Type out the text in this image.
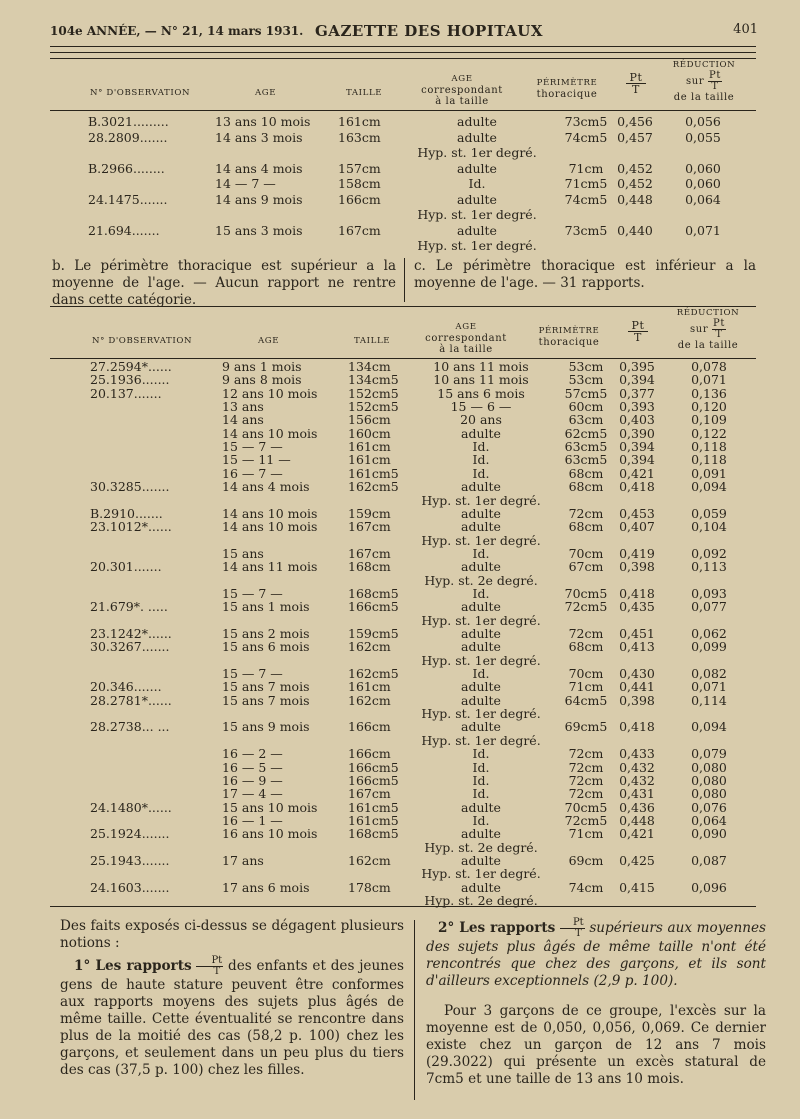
104e ANNÉE, — N° 21, 14 mars 1931. GAZETTE DES HOPITAUX	401
N° D'OBSERVATION	AGE	TAILLE
AGE
correspondant
à la taille
PÉRIMÈTRE
thoracique	$\frac{Pt}{T}$
RÉDUCTION
sur $\frac{Pt}{T}$
de la taille
B.3021.........	13 ans 10 mois 161cm	adulte	73cm5 0,456	0,056
28.2809.......	14 ans 3 mois	163cm	adulte	74cm5 0,457	0,055
Hyp. st. 1er degré.
B.2966........	14 ans 4 mois	157cm	adulte	71cm	0,452	0,060
14 — 7 —	158cm	Id.	71cm5 0,452	0,060
24.1475.......	14 ans 9 mois	166cm	adulte	74cm5 0,448	0,064
Hyp. st. 1er degré.
21.694.......	15 ans 3 mois	167cm	adulte	73cm5 0,440	0,071
Hyp. st. 1er degré.
b. Le périmètre thoracique est supérieur a la moyenne de l'age. — Aucun rapport ne rentre dans cette catégorie.
c. Le périmètre thoracique est inférieur a la moyenne de l'age. — 31 rapports.
N° D'OBSERVATION	AGE	TAILLE
AGE
correspondant
à la taille
PÉRIMÈTRE
thoracique	$\frac{Pt}{T}$
RÉDUCTION
sur $\frac{Pt}{T}$
de la taille
27.2594*......	9 ans 1 mois	134cm	10 ans 11 mois	53cm	0,395	0,078
25.1936.......	9 ans 8 mois	134cm5	10 ans 11 mois	53cm	0,394	0,071
20.137.......	12 ans 10 mois 152cm5	15 ans 6 mois	57cm5 0,377	0,136
13 ans	152cm5	15 — 6 —	60cm	0,393	0,120
14 ans	156cm	20 ans	63cm	0,403	0,109
14 ans 10 mois 160cm	adulte	62cm5 0,390	0,122
15 — 7 —	161cm	Id.	63cm5 0,394	0,118
15 — 11 —	161cm	Id.	63cm5 0,394	0,118
16 — 7 —	161cm5	Id.	68cm	0,421	0,091
30.3285.......	14 ans 4 mois	162cm5	adulte	68cm	0,418	0,094
Hyp. st. 1er degré.
B.2910.......	14 ans 10 mois 159cm	adulte	72cm	0,453	0,059
23.1012*......	14 ans 10 mois 167cm	adulte	68cm	0,407	0,104
Hyp. st. 1er degré.
15 ans	167cm	Id.	70cm	0,419	0,092
20.301.......	14 ans 11 mois 168cm	adulte	67cm	0,398	0,113
Hyp. st. 2e degré.
15 — 7 —	168cm5	Id.	70cm5 0,418	0,093
21.679*. .....	15 ans 1 mois	166cm5	adulte	72cm5 0,435	0,077
Hyp. st. 1er degré.
23.1242*......	15 ans 2 mois	159cm5	adulte	72cm	0,451	0,062
30.3267.......	15 ans 6 mois	162cm	adulte	68cm	0,413	0,099
Hyp. st. 1er degré.
15 — 7 —	162cm5	Id.	70cm	0,430	0,082
20.346.......	15 ans 7 mois	161cm	adulte	71cm	0,441	0,071
28.2781*......	15 ans 7 mois	162cm	adulte	64cm5 0,398	0,114
Hyp. st. 1er degré.
28.2738... ...	15 ans 9 mois	166cm	adulte	69cm5 0,418	0,094
Hyp. st. 1er degré.
16 — 2 —	166cm	Id.	72cm	0,433	0,079
16 — 5 —	166cm5	Id.	72cm	0,432	0,080
16 — 9 —	166cm5	Id.	72cm	0,432	0,080
17 — 4 —	167cm	Id.	72cm	0,431	0,080
24.1480*......	15 ans 10 mois 161cm5	adulte	70cm5 0,436	0,076
16 — 1 —	161cm5	Id.	72cm5 0,448	0,064
25.1924.......	16 ans 10 mois 168cm5	adulte	71cm	0,421	0,090
Hyp. st. 2e degré.
25.1943.......	17 ans	162cm	adulte	69cm	0,425	0,087
Hyp. st. 1er degré.
24.1603.......	17 ans 6 mois	178cm	adulte	74cm	0,415	0,096
Hyp. st. 2e degré.
Des faits exposés ci-dessus se dégagent plusieurs notions :
1° Les rapports $\frac{Pt}{T}$ des enfants et des jeunes gens de haute stature peuvent être conformes aux rapports moyens des sujets plus âgés de même taille. Cette éventualité se rencontre dans plus de la moitié des cas (58,2 p. 100) chez les garçons, et seulement dans un peu plus du tiers des cas (37,5 p. 100) chez les filles.
2° Les rapports $\frac{Pt}{T}$ supérieurs aux moyennes des sujets plus âgés de même taille n'ont été rencontrés que chez des garçons, et ils sont d'ailleurs exceptionnels (2,9 p. 100).
Pour 3 garçons de ce groupe, l'excès sur la moyenne est de 0,050, 0,056, 0,069. Ce dernier existe chez un garçon de 12 ans 7 mois (29.3022) qui présente un excès statural de 7cm5 et une taille de 13 ans 10 mois.
